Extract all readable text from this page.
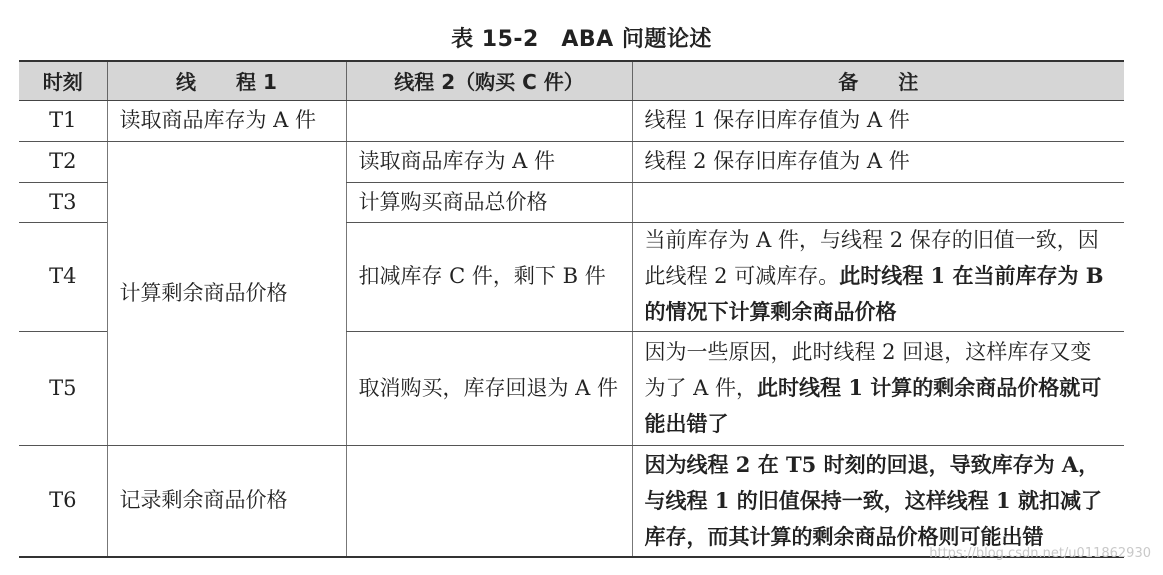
表 15-2　ABA 问题论述
时刻	线　　程 1	线程 2（购买 C 件）	备　　注
T1	读取商品库存为 A 件		线程 1 保存旧库存值为 A 件
T2	计算剩余商品价格	读取商品库存为 A 件	线程 2 保存旧库存值为 A 件
T3		计算购买商品总价格	
T4		扣减库存 C 件，剩下 B 件	当前库存为 A 件，与线程 2 保存的旧值一致，因此线程 2 可减库存。此时线程 1 在当前库存为 B 的情况下计算剩余商品价格
T5		取消购买，库存回退为 A 件	因为一些原因，此时线程 2 回退，这样库存又变为了 A 件，此时线程 1 计算的剩余商品价格就可能出错了
T6	记录剩余商品价格		因为线程 2 在 T5 时刻的回退，导致库存为 A，与线程 1 的旧值保持一致，这样线程 1 就扣减了库存，而其计算的剩余商品价格则可能出错
https://blog.csdn.net/u011862930
